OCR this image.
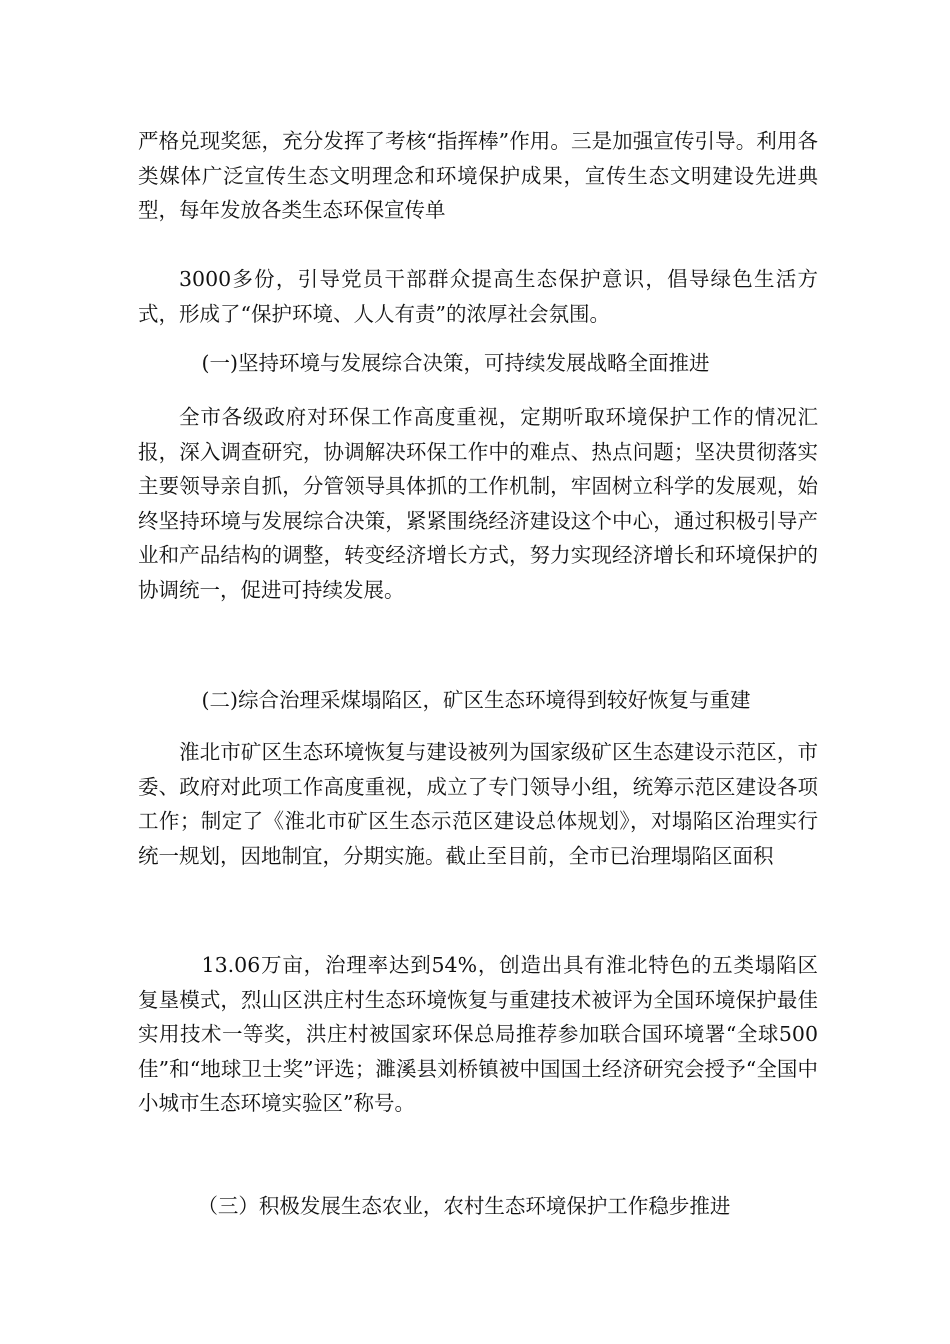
严格兑现奖惩，充分发挥了考核“指挥棒”作用。三是加强宣传引导。利用各类媒体广泛宣传生态文明理念和环境保护成果，宣传生态文明建设先进典型，每年发放各类生态环保宣传单

3000多份，引导党员干部群众提高生态保护意识，倡导绿色生活方式，形成了“保护环境、人人有责”的浓厚社会氛围。

(一)坚持环境与发展综合决策，可持续发展战略全面推进

全市各级政府对环保工作高度重视，定期听取环境保护工作的情况汇报，深入调查研究，协调解决环保工作中的难点、热点问题；坚决贯彻落实主要领导亲自抓，分管领导具体抓的工作机制，牢固树立科学的发展观，始终坚持环境与发展综合决策，紧紧围绕经济建设这个中心，通过积极引导产业和产品结构的调整，转变经济增长方式，努力实现经济增长和环境保护的协调统一，促进可持续发展。

(二)综合治理采煤塌陷区，矿区生态环境得到较好恢复与重建

淮北市矿区生态环境恢复与建设被列为国家级矿区生态建设示范区，市委、政府对此项工作高度重视，成立了专门领导小组，统筹示范区建设各项工作；制定了《淮北市矿区生态示范区建设总体规划》，对塌陷区治理实行统一规划，因地制宜，分期实施。截止至目前，全市已治理塌陷区面积

13.06万亩，治理率达到54%，创造出具有淮北特色的五类塌陷区复垦模式，烈山区洪庄村生态环境恢复与重建技术被评为全国环境保护最佳实用技术一等奖，洪庄村被国家环保总局推荐参加联合国环境署“全球500佳”和“地球卫士奖”评选；濉溪县刘桥镇被中国国土经济研究会授予“全国中小城市生态环境实验区”称号。

（三）积极发展生态农业，农村生态环境保护工作稳步推进
